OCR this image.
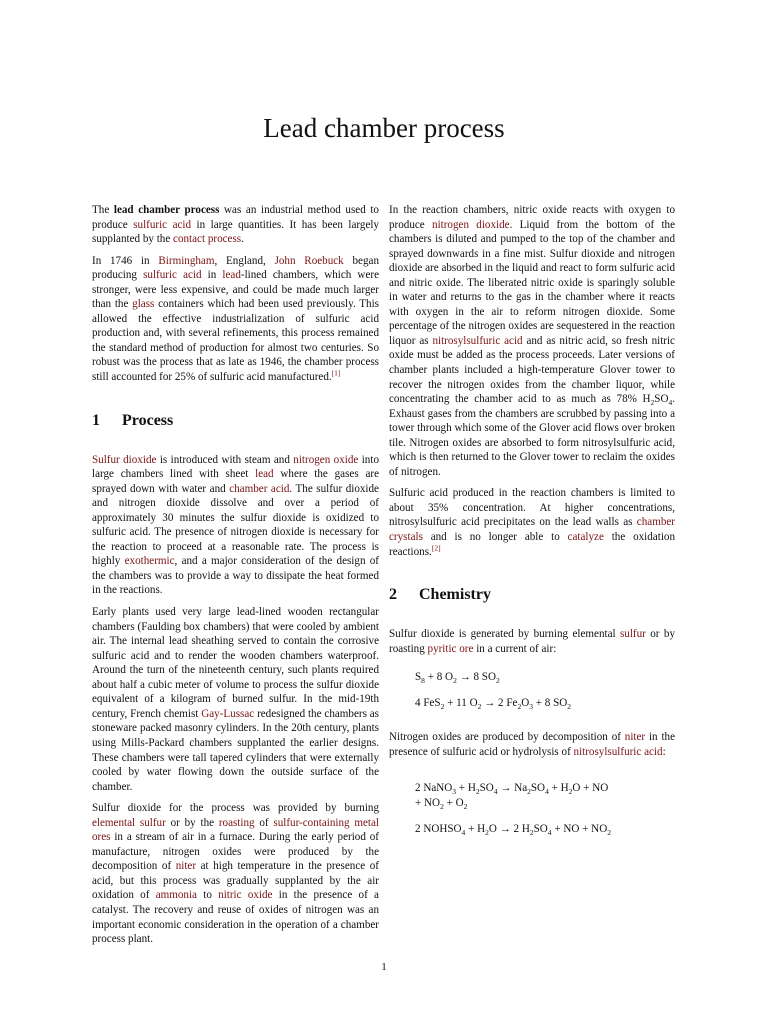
Lead chamber process

The lead chamber process was an industrial method used to produce sulfuric acid in large quantities. It has been largely supplanted by the contact process.

In 1746 in Birmingham, England, John Roebuck began producing sulfuric acid in lead-lined chambers, which were stronger, were less expensive, and could be made much larger than the glass containers which had been used previously. This allowed the effective industrialization of sulfuric acid production and, with several refinements, this process remained the standard method of production for almost two centuries. So robust was the process that as late as 1946, the chamber process still accounted for 25% of sulfuric acid manufactured.[1]

1 Process

Sulfur dioxide is introduced with steam and nitrogen oxide into large chambers lined with sheet lead where the gases are sprayed down with water and chamber acid. The sulfur dioxide and nitrogen dioxide dissolve and over a period of approximately 30 minutes the sulfur dioxide is oxidized to sulfuric acid. The presence of nitrogen dioxide is necessary for the reaction to proceed at a reasonable rate. The process is highly exothermic, and a major consideration of the design of the chambers was to provide a way to dissipate the heat formed in the reactions.

Early plants used very large lead-lined wooden rectangular chambers (Faulding box chambers) that were cooled by ambient air. The internal lead sheathing served to contain the corrosive sulfuric acid and to render the wooden chambers waterproof. Around the turn of the nineteenth century, such plants required about half a cubic meter of volume to process the sulfur dioxide equivalent of a kilogram of burned sulfur. In the mid-19th century, French chemist Gay-Lussac redesigned the chambers as stoneware packed masonry cylinders. In the 20th century, plants using Mills-Packard chambers supplanted the earlier designs. These chambers were tall tapered cylinders that were externally cooled by water flowing down the outside surface of the chamber.

Sulfur dioxide for the process was provided by burning elemental sulfur or by the roasting of sulfur-containing metal ores in a stream of air in a furnace. During the early period of manufacture, nitrogen oxides were produced by the decomposition of niter at high temperature in the presence of acid, but this process was gradually supplanted by the air oxidation of ammonia to nitric oxide in the presence of a catalyst. The recovery and reuse of oxides of nitrogen was an important economic consideration in the operation of a chamber process plant.

In the reaction chambers, nitric oxide reacts with oxygen to produce nitrogen dioxide. Liquid from the bottom of the chambers is diluted and pumped to the top of the chamber and sprayed downwards in a fine mist. Sulfur dioxide and nitrogen dioxide are absorbed in the liquid and react to form sulfuric acid and nitric oxide. The liberated nitric oxide is sparingly soluble in water and returns to the gas in the chamber where it reacts with oxygen in the air to reform nitrogen dioxide. Some percentage of the nitrogen oxides are sequestered in the reaction liquor as nitrosylsulfuric acid and as nitric acid, so fresh nitric oxide must be added as the process proceeds. Later versions of chamber plants included a high-temperature Glover tower to recover the nitrogen oxides from the chamber liquor, while concentrating the chamber acid to as much as 78% $H_2SO_4$. Exhaust gases from the chambers are scrubbed by passing into a tower through which some of the Glover acid flows over broken tile. Nitrogen oxides are absorbed to form nitrosylsulfuric acid, which is then returned to the Glover tower to reclaim the oxides of nitrogen.

Sulfuric acid produced in the reaction chambers is limited to about 35% concentration. At higher concentrations, nitrosylsulfuric acid precipitates on the lead walls as chamber crystals and is no longer able to catalyze the oxidation reactions.[2]

2 Chemistry

Sulfur dioxide is generated by burning elemental sulfur or by roasting pyritic ore in a current of air:

$S_8 + 8$ $O_2 \to 8$ $SO_2$
4 FeS$_2$ + 11 $O_2 \to 2$ $Fe_2O_3 + 8$ $SO_2$

Nitrogen oxides are produced by decomposition of niter in the presence of sulfuric acid or hydrolysis of nitrosylsulfuric acid:

2 NaNO$_3$ + $H_2SO_4 \to Na_2SO_4 + H_2O$ + NO
+ $NO_2 + O_2$
2 $NOHSO_4 + H_2O \to 2$ $H_2SO_4$ + NO + $NO_2$
1
